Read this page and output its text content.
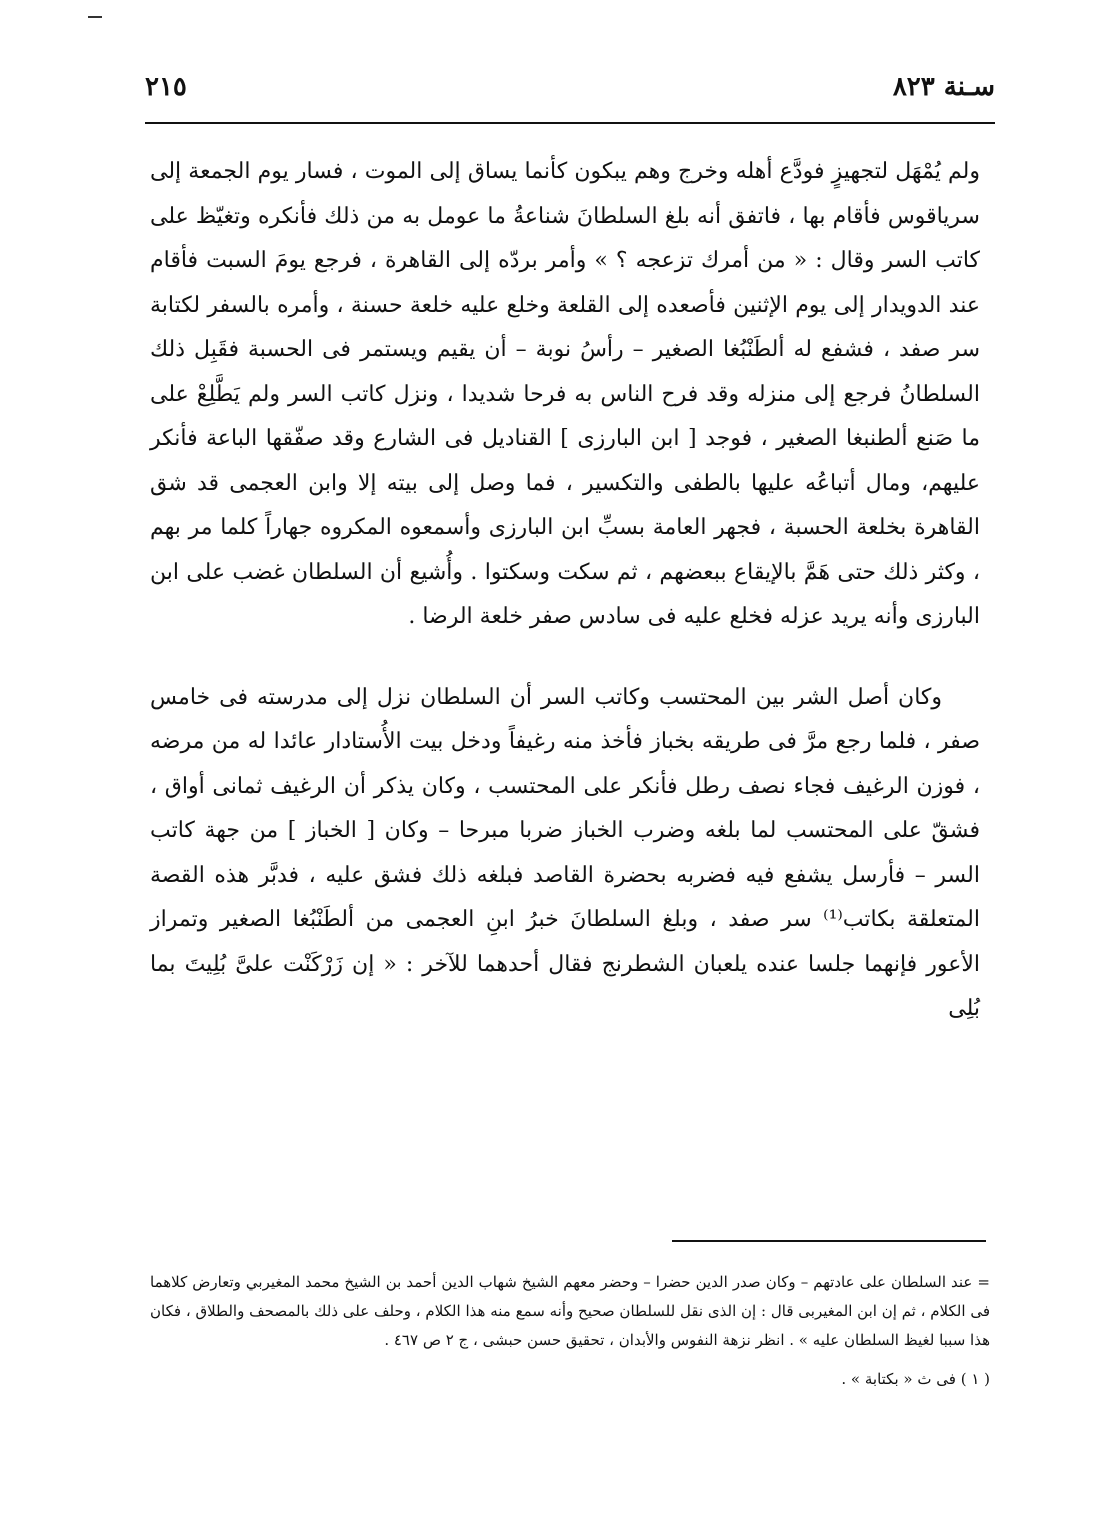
سـنة ٨٢٣
٢١٥

ولم يُمْهَل لتجهيزٍ فودَّع أهله وخرج وهم يبكون كأنما يساق إلى الموت ، فسار يوم الجمعة إلى سرياقوس فأقام بها ، فاتفق أنه بلغ السلطانَ شناعةُ ما عومل به من ذلك فأنكره وتغيّظ على كاتب السر وقال : « من أمرك تزعجه ؟ » وأمر بردّه إلى القاهرة ، فرجع يومَ السبت فأقام عند الدويدار إلى يوم الإثنين فأصعده إلى القلعة وخلع عليه خلعة حسنة ، وأمره بالسفر لكتابة سر صفد ، فشفع له ألطَنْبُغا الصغير – رأسُ نوبة – أن يقيم ويستمر فى الحسبة فقَبِل ذلك السلطانُ فرجع إلى منزله وقد فرح الناس به فرحا شديدا ، ونزل كاتب السر ولم يَطَّلِعْ على ما صَنع ألطنبغا الصغير ، فوجد [ ابن البارزى ] القناديل فى الشارع وقد صفّقها الباعة فأنكر عليهم، ومال أتباعُه عليها بالطفى والتكسير ، فما وصل إلى بيته إلا وابن العجمى قد شق القاهرة بخلعة الحسبة ، فجهر العامة بسبِّ ابن البارزى وأسمعوه المكروه جهاراً كلما مر بهم ، وكثر ذلك حتى هَمَّ بالإيقاع ببعضهم ، ثم سكت وسكتوا . وأُشيع أن السلطان غضب على ابن البارزى وأنه يريد عزله فخلع عليه فى سادس صفر خلعة الرضا .

وكان أصل الشر بين المحتسب وكاتب السر أن السلطان نزل إلى مدرسته فى خامس صفر ، فلما رجع مرَّ فى طريقه بخباز فأخذ منه رغيفاً ودخل بيت الأُستادار عائدا له من مرضه ، فوزن الرغيف فجاء نصف رطل فأنكر على المحتسب ، وكان يذكر أن الرغيف ثمانى أواق ، فشقّ على المحتسب لما بلغه وضرب الخباز ضربا مبرحا – وكان [ الخباز ] من جهة كاتب السر – فأرسل يشفع فيه فضربه بحضرة القاصد فبلغه ذلك فشق عليه ، فدبَّر هذه القصة المتعلقة بكاتب⁽¹⁾ سر صفد ، وبلغ السلطانَ خبرُ ابنِ العجمى من ألطَنْبُغا الصغير وتمراز الأعور فإنهما جلسا عنده يلعبان الشطرنج فقال أحدهما للآخر : « إن زَرْكَنْت علىَّ بُلِيتَ بما بُلِى

= عند السلطان على عادتهم – وكان صدر الدين حضرا – وحضر معهم الشيخ شهاب الدين أحمد بن الشيخ محمد المغيربي وتعارض كلاهما فى الكلام ، ثم إن ابن المغيربى قال : إن الذى نقل للسلطان صحيح وأنه سمع منه هذا الكلام ، وحلف على ذلك بالمصحف والطلاق ، فكان هذا سببا لغيظ السلطان عليه » . انظر نزهة النفوس والأبدان ، تحقيق حسن حبشى ، ج ٢ ص ٤٦٧ .

( ١ ) فى ث « بكتابة » .
